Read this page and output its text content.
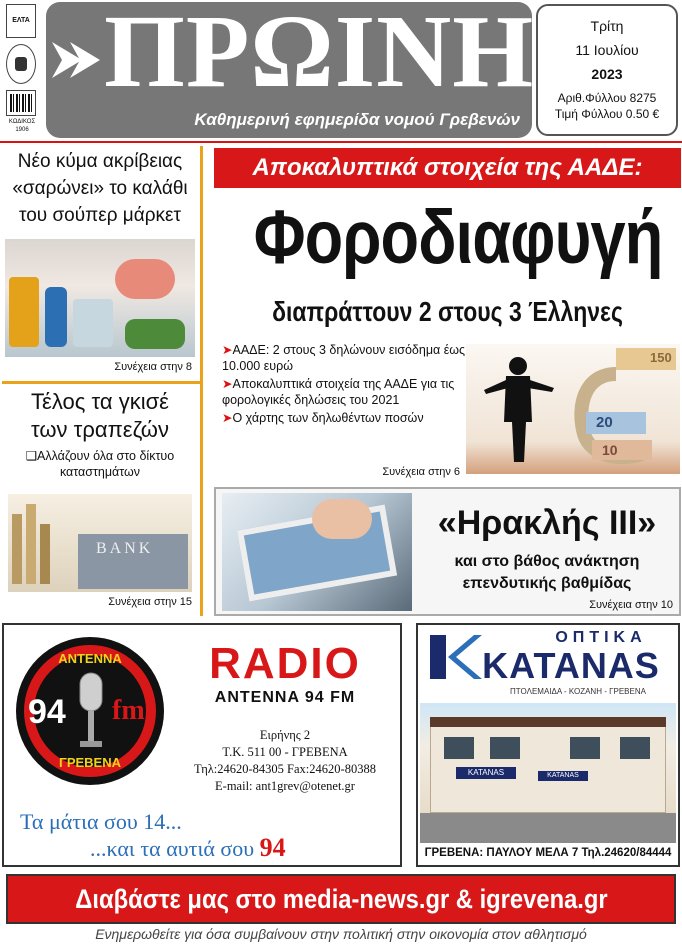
ΕΛΤΑ
ΚΩΔΙΚΟΣ
1906
ΠΡΩΙΝΗ
Καθημερινή εφημερίδα νομού Γρεβενών
Τρίτη
11 Ιουλίου
2023
Αριθ.Φύλλου 8275
Τιμή Φύλλου 0.50 €
Νέο κύμα ακρίβειας «σαρώνει» το καλάθι του σούπερ μάρκετ
Συνέχεια στην 8
Τέλος τα γκισέ των τραπεζών
❑Αλλάζουν όλα στο δίκτυο καταστημάτων
BANK
Συνέχεια στην 15
Αποκαλυπτικά στοιχεία της ΑΑΔΕ:
Φοροδιαφυγή
διαπράττουν 2 στους 3 Έλληνες
➤ΑΑΔΕ: 2 στους 3 δηλώνουν εισόδημα έως 10.000 ευρώ
➤Αποκαλυπτικά στοιχεία της ΑΑΔΕ για τις φορολογικές δηλώσεις του 2021
➤Ο χάρτης των δηλωθέντων ποσών
150
20
10
Συνέχεια στην 6
«Ηρακλής ΙΙΙ»
και στο βάθος ανάκτηση επενδυτικής βαθμίδας
Συνέχεια στην 10
ΑΝΤΕΝΝΑ
94 fm
ΓΡΕΒΕΝΑ
RADIO
ANTENNA 94 FM
Ειρήνης 2
Τ.Κ. 511 00 - ΓΡΕΒΕΝΑ
Τηλ:24620-84305 Fax:24620-80388
E-mail: ant1grev@otenet.gr
Τα μάτια σου 14...
...και τα αυτιά σου 94
ΟΠΤΙΚΑ
KATANAS
ΠΤΟΛΕΜΑΙΔΑ - ΚΟΖΑΝΗ - ΓΡΕΒΕΝΑ
KATANAS	KATANAS
ΓΡΕΒΕΝΑ: ΠΑΥΛΟΥ ΜΕΛΑ 7 Τηλ.24620/84444
Διαβάστε μας στο media-news.gr & igrevena.gr
Ενημερωθείτε για όσα συμβαίνουν στην πολιτική στην οικονομία στον αθλητισμό
